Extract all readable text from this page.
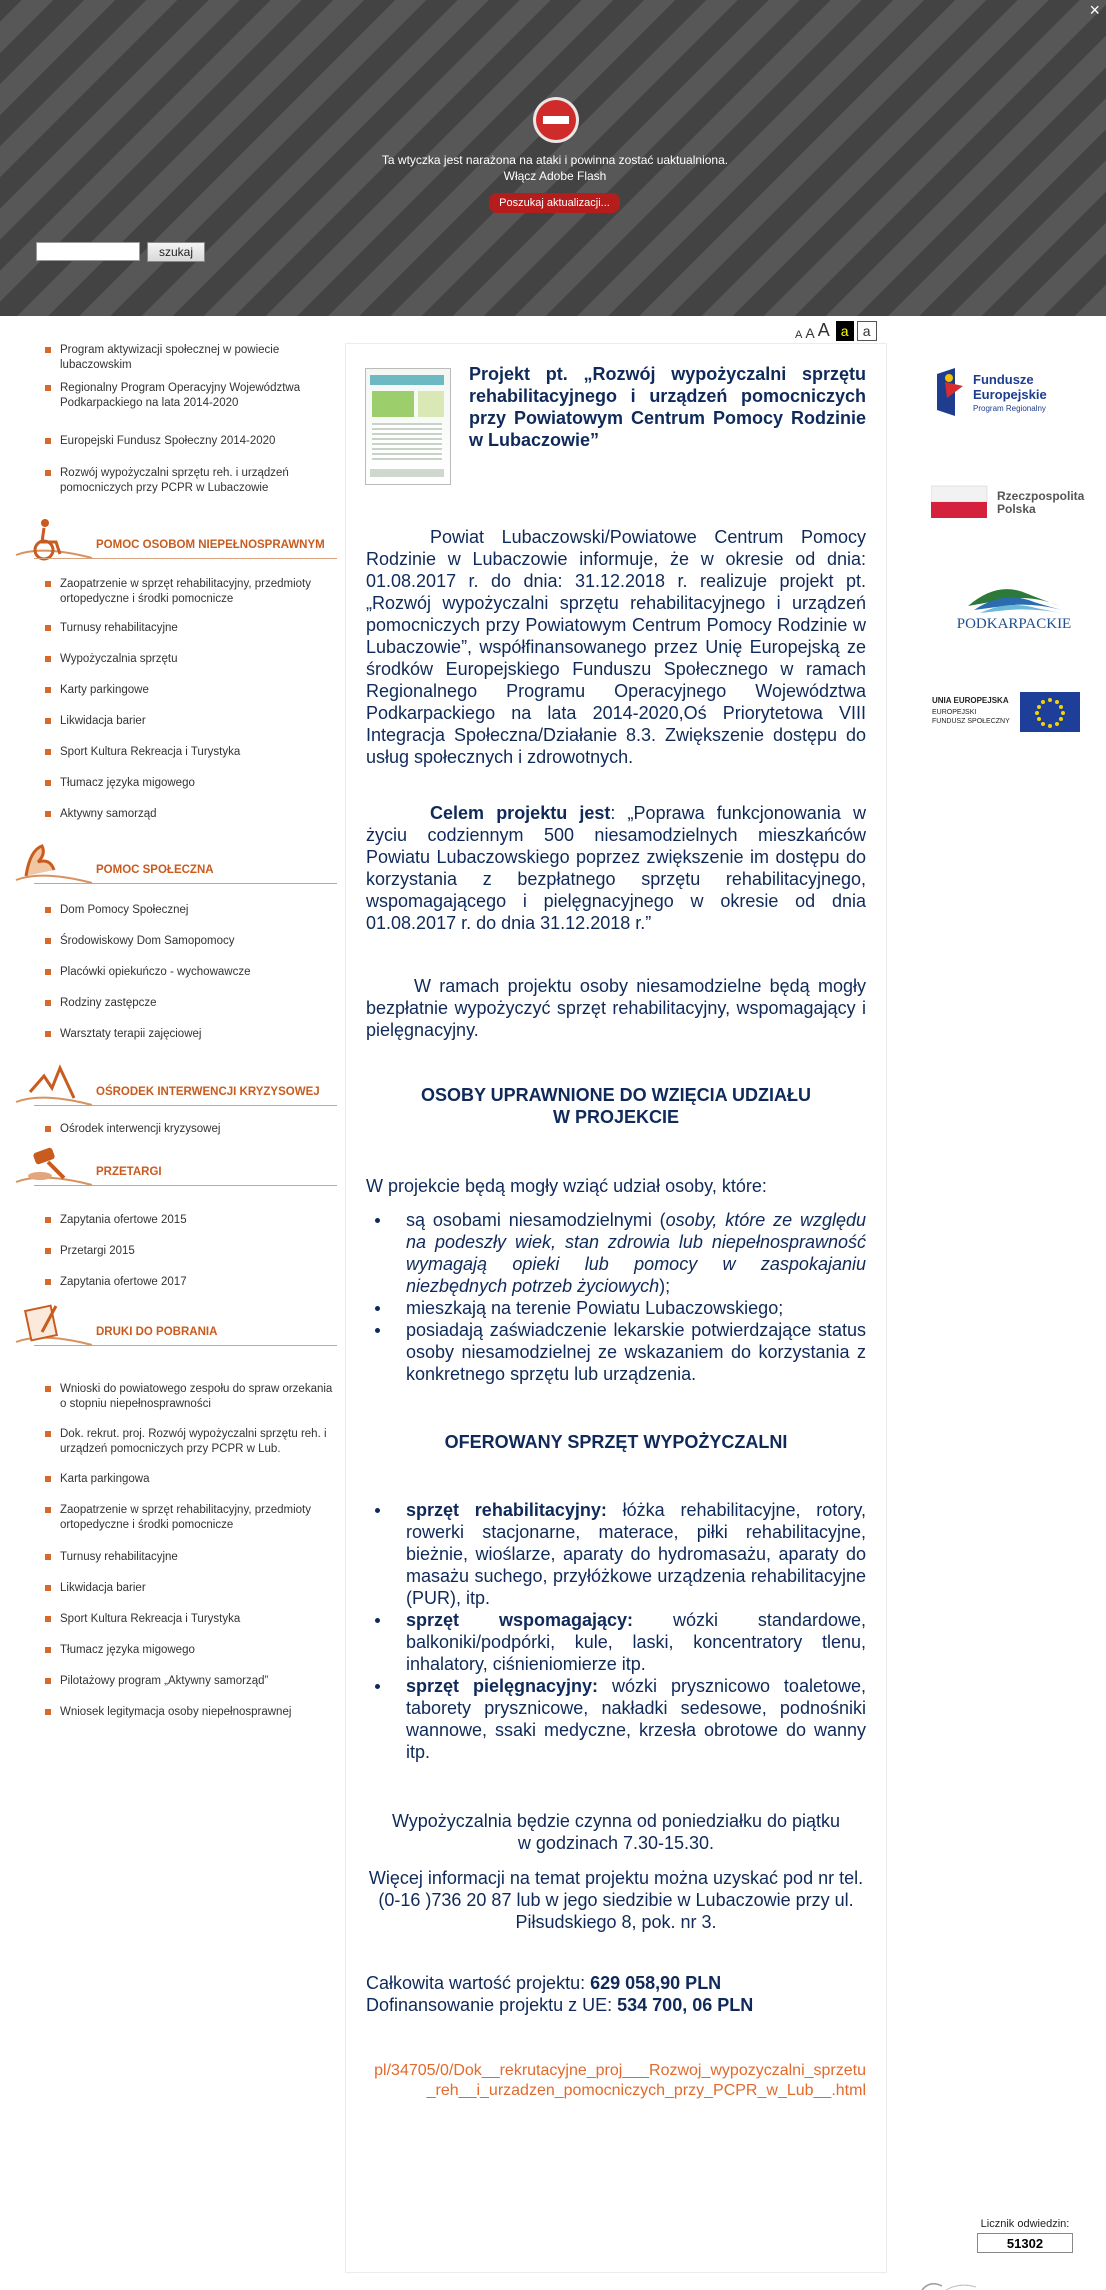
×
Ta wtyczka jest narażona na ataki i powinna zostać uaktualniona.
Włącz Adobe Flash
Poszukaj aktualizacji...
szukaj
A A A a	a
Program aktywizacji społecznej w powiecie lubaczowskim
Regionalny Program Operacyjny Województwa Podkarpackiego na lata 2014-2020
Europejski Fundusz Społeczny 2014-2020
Rozwój wypożyczalni sprzętu reh. i urządzeń pomocniczych przy PCPR w Lubaczowie
POMOC OSOBOM NIEPEŁNOSPRAWNYM
Zaopatrzenie w sprzęt rehabilitacyjny, przedmioty ortopedyczne i środki pomocnicze
Turnusy rehabilitacyjne
Wypożyczalnia sprzętu
Karty parkingowe
Likwidacja barier
Sport Kultura Rekreacja i Turystyka
Tłumacz języka migowego
Aktywny samorząd
POMOC SPOŁECZNA
Dom Pomocy Społecznej
Środowiskowy Dom Samopomocy
Placówki opiekuńczo - wychowawcze
Rodziny zastępcze
Warsztaty terapii zajęciowej
OŚRODEK INTERWENCJI KRYZYSOWEJ
Ośrodek interwencji kryzysowej
PRZETARGI
Zapytania ofertowe 2015
Przetargi 2015
Zapytania ofertowe 2017
DRUKI DO POBRANIA
Wnioski do powiatowego zespołu do spraw orzekania o stopniu niepełnosprawności
Dok. rekrut. proj. Rozwój wypożyczalni sprzętu reh. i urządzeń pomocniczych przy PCPR w Lub.
Karta parkingowa
Zaopatrzenie w sprzęt rehabilitacyjny, przedmioty ortopedyczne i środki pomocnicze
Turnusy rehabilitacyjne
Likwidacja barier
Sport Kultura Rekreacja i Turystyka
Tłumacz języka migowego
Pilotażowy program „Aktywny samorząd”
Wniosek legitymacja osoby niepełnosprawnej
Projekt pt. „Rozwój wypożyczalni sprzętu rehabilitacyjnego i urządzeń pomocniczych przy Powiatowym Centrum Pomocy Rodzinie w Lubaczowie”
Powiat Lubaczowski/Powiatowe Centrum Pomocy Rodzinie w Lubaczowie informuje, że w okresie od dnia: 01.08.2017 r. do dnia: 31.12.2018 r. realizuje projekt pt. „Rozwój wypożyczalni sprzętu rehabilitacyjnego i urządzeń pomocniczych przy Powiatowym Centrum Pomocy Rodzinie w Lubaczowie”, współfinansowanego przez Unię Europejską ze środków Europejskiego Funduszu Społecznego w ramach Regionalnego Programu Operacyjnego Województwa Podkarpackiego na lata 2014-2020,Oś Priorytetowa VIII Integracja Społeczna/Działanie 8.3. Zwiększenie dostępu do usług społecznych i zdrowotnych.
Celem projektu jest: „Poprawa funkcjonowania w życiu codziennym 500 niesamodzielnych mieszkańców Powiatu Lubaczowskiego poprzez zwiększenie im dostępu do korzystania z bezpłatnego sprzętu rehabilitacyjnego, wspomagającego i pielęgnacyjnego w okresie od dnia 01.08.2017 r. do dnia 31.12.2018 r.”
W ramach projektu osoby niesamodzielne będą mogły bezpłatnie wypożyczyć sprzęt rehabilitacyjny, wspomagający i pielęgnacyjny.
OSOBY UPRAWNIONE DO WZIĘCIA UDZIAŁU
W PROJEKCIE
W projekcie będą mogły wziąć udział osoby, które:
są osobami niesamodzielnymi (osoby, które ze względu na podeszły wiek, stan zdrowia lub niepełnosprawność wymagają opieki lub pomocy w zaspokajaniu niezbędnych potrzeb życiowych);
mieszkają na terenie Powiatu Lubaczowskiego;
posiadają zaświadczenie lekarskie potwierdzające status osoby niesamodzielnej ze wskazaniem do korzystania z konkretnego sprzętu lub urządzenia.
OFEROWANY SPRZĘT WYPOŻYCZALNI
sprzęt rehabilitacyjny: łóżka rehabilitacyjne, rotory, rowerki stacjonarne, materace, piłki rehabilitacyjne, bieżnie, wioślarze, aparaty do hydromasażu, aparaty do masażu suchego, przyłóżkowe urządzenia rehabilitacyjne (PUR), itp.
sprzęt wspomagający: wózki standardowe, balkoniki/podpórki, kule, laski, koncentratory tlenu, inhalatory, ciśnieniomierze itp.
sprzęt pielęgnacyjny: wózki prysznicowo toaletowe, taborety prysznicowe, nakładki sedesowe, podnośniki wannowe, ssaki medyczne, krzesła obrotowe do wanny itp.
Wypożyczalnia będzie czynna od poniedziałku do piątku
w godzinach 7.30-15.30.
Więcej informacji na temat projektu można uzyskać pod nr tel. (0-16 )736 20 87 lub w jego siedzibie w Lubaczowie przy ul. Piłsudskiego 8, pok. nr 3.
Całkowita wartość projektu: 629 058,90 PLN
Dofinansowanie projektu z UE: 534 700, 06 PLN
pl/34705/0/Dok__rekrutacyjne_proj___Rozwoj_wypozyczalni_sprzetu_reh__i_urzadzen_pomocniczych_przy_PCPR_w_Lub__.html
Fundusze
Europejskie
Program Regionalny
Rzeczpospolita
Polska
PODKARPACKIE
UNIA EUROPEJSKA
EUROPEJSKI
FUNDUSZ SPOŁECZNY
Licznik odwiedzin:
51302
